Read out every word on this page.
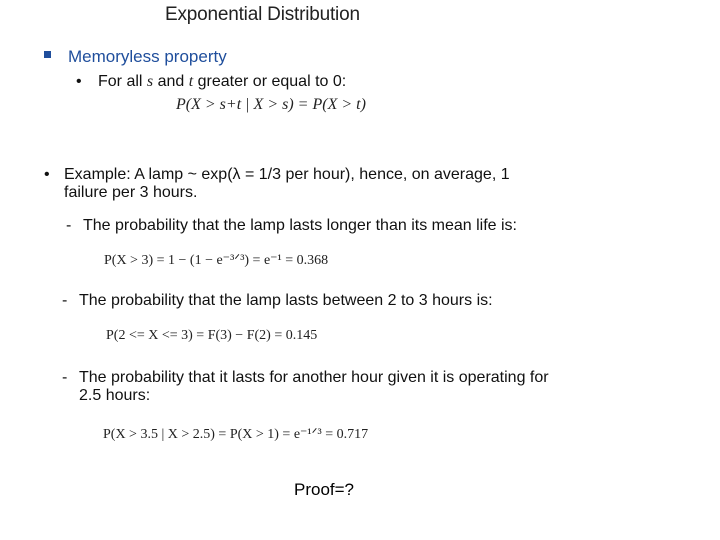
Exponential Distribution
Memoryless property
• For all s and t greater or equal to 0:
P(X > s+t | X > s) = P(X > t)
• Example: A lamp ~ exp(λ = 1/3 per hour), hence, on average, 1
failure per 3 hours.
- The probability that the lamp lasts longer than its mean life is:
P(X > 3) = 1 − (1 − e⁻³ᐟ³) = e⁻¹ = 0.368
- The probability that the lamp lasts between 2 to 3 hours is:
P(2 <= X <= 3) = F(3) − F(2) = 0.145
- The probability that it lasts for another hour given it is operating for
2.5 hours:
P(X > 3.5 | X > 2.5) = P(X > 1) = e⁻¹ᐟ³ = 0.717
Proof=?
